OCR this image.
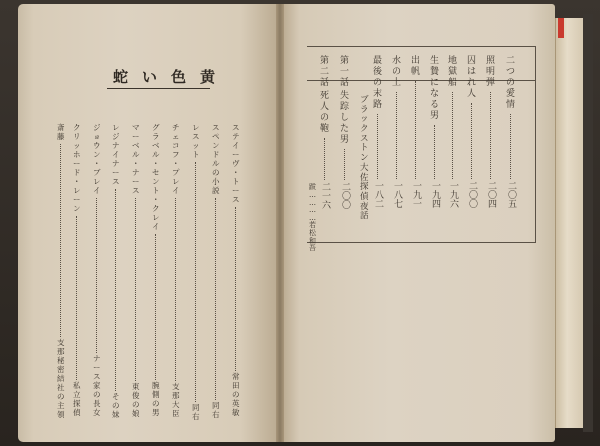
蛇 い 色 黄
ス
テ
イ
ー
ヴ
・
ト
ー
ス
常
田
の
英
敏
ス
ペ
ン
ド
ル
の
小
説
同
右
レ
ス
ッ
ト
同
右
チ
ェ
コ
フ
・
プ
レ
イ
支
那
大
臣
グ
ラ
ベ
ル
・
セ
ン
ト
・
ク
レ
イ
腕
側
の
男
マ
ー
ベ
ル
・
ナ
ー
ス
東
俊
の
娘
レ
ジ
ナ
イ
ナ
ー
ス
そ
の
妹
ジ
ョ
ウ
ン
・
ブ
レ
イ
ナ
ー
ス
家
の
長
女
ク
リ
ッ
ホ
ー
ド
・
レ
ー
ン
私
立
探
偵
斎
藤
支
那
秘
密
結
社
の
主
領
二
つ
の
愛
情
二〇五
照
明
弾
二〇四
囚
は
れ
人
二〇〇
地
獄
船
一九六
生
贄
に
な
る
男
一九四
出
帆
一九一
水
の
上
一八七
最
後
の
末
路
一八二
ブ
ラ
ッ
ク
ス
ト
ン
大
佐
探
偵
夜
話
第
一
話
失
踪
し
た
男
二〇〇
第
二
話
死
人
の
鞄
二一六
跋
…
…
…
…
若
松
和
吾
